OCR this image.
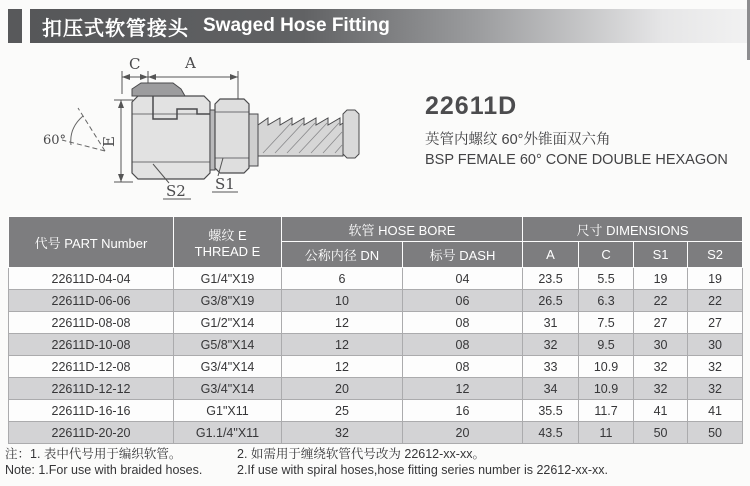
扣压式软管接头 Swaged Hose Fitting
C	A
60° E
S2 S1
22611D
英管内螺纹 60°外锥面双六角
BSP FEMALE 60° CONE DOUBLE HEXAGON
代号 PART Number	螺纹 E
THREAD E	软管 HOSE BORE		尺寸 DIMENSIONS			
		公称内径 DN	标号 DASH	A	C	S1	S2
22611D-04-04	G1/4"X19	6	04	23.5	5.5	19	19
22611D-06-06	G3/8"X19	10	06	26.5	6.3	22	22
22611D-08-08	G1/2"X14	12	08	31	7.5	27	27
22611D-10-08	G5/8"X14	12	08	32	9.5	30	30
22611D-12-08	G3/4"X14	12	08	33	10.9	32	32
22611D-12-12	G3/4"X14	20	12	34	10.9	32	32
22611D-16-16	G1"X11	25	16	35.5	11.7	41	41
22611D-20-20	G1.1/4"X11	32	20	43.5	11	50	50
注：1. 表中代号用于编织软管。
Note: 1.For use with braided hoses.
2. 如需用于缠绕软管代号改为 22612-xx-xx。
2.If use with spiral hoses,hose fitting series number is 22612-xx-xx.
